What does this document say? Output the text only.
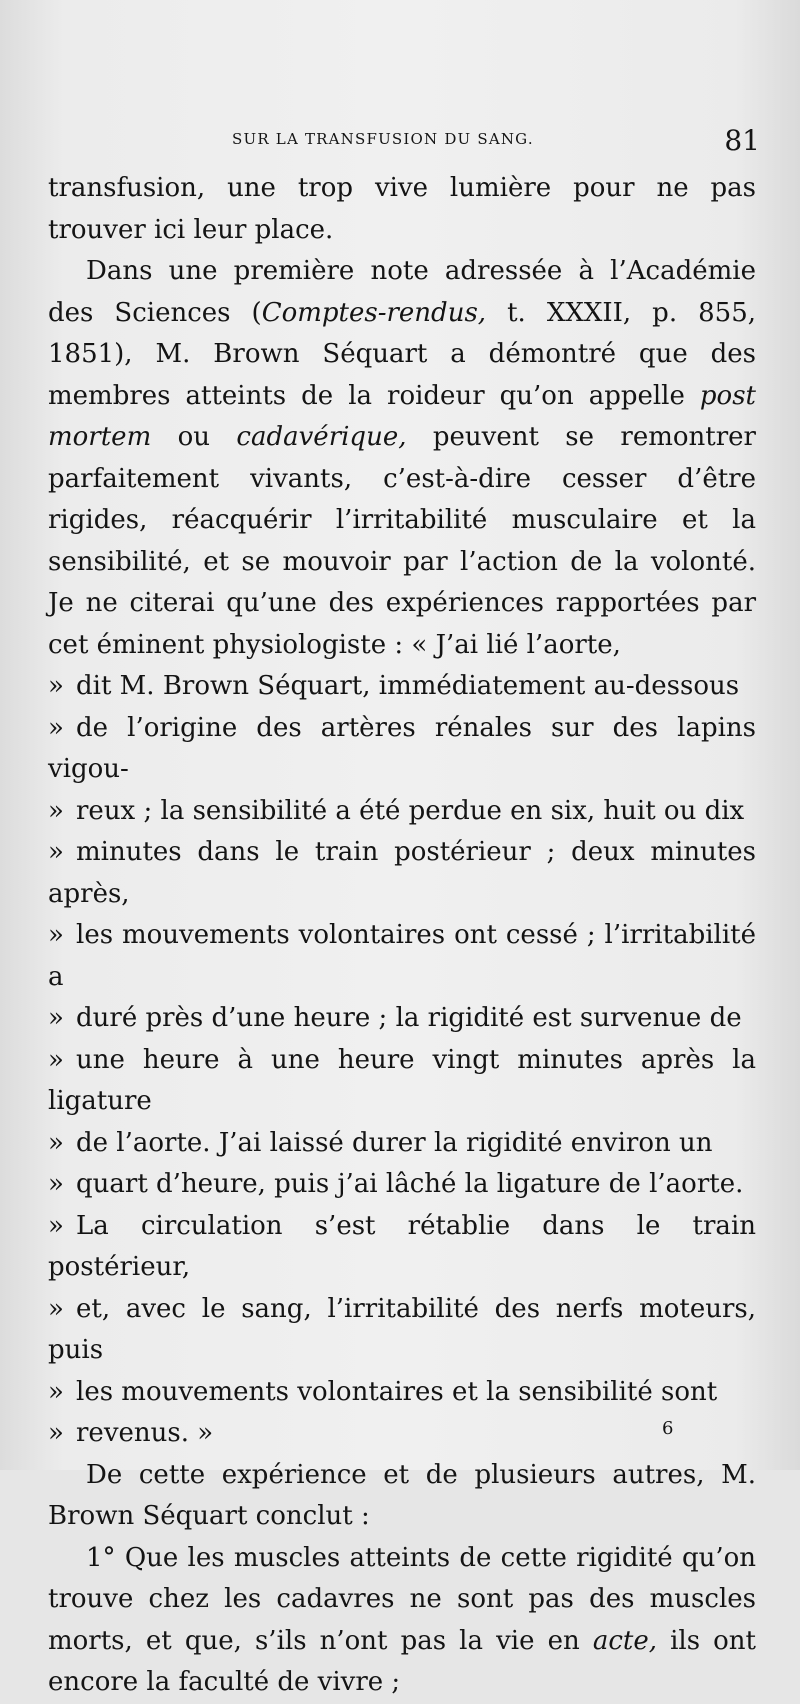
SUR LA TRANSFUSION DU SANG.	81

transfusion, une trop vive lumière pour ne pas trouver ici leur place.

Dans une première note adressée à l’Académie des Sciences (Comptes-rendus, t. XXXII, p. 855, 1851), M. Brown Séquart a démontré que des membres atteints de la roideur qu’on appelle post mortem ou cadavérique, peuvent se remontrer parfaitement vivants, c’est-à-dire cesser d’être rigides, réacquérir l’irritabilité musculaire et la sensibilité, et se mouvoir par l’action de la volonté. Je ne citerai qu’une des expériences rapportées par cet éminent physiologiste : « J’ai lié l’aorte,

» dit M. Brown Séquart, immédiatement au-dessous
» de l’origine des artères rénales sur des lapins vigou-
» reux ; la sensibilité a été perdue en six, huit ou dix
» minutes dans le train postérieur ; deux minutes après,
» les mouvements volontaires ont cessé ; l’irritabilité a
» duré près d’une heure ; la rigidité est survenue de
» une heure à une heure vingt minutes après la ligature
» de l’aorte. J’ai laissé durer la rigidité environ un
» quart d’heure, puis j’ai lâché la ligature de l’aorte.
» La circulation s’est rétablie dans le train postérieur,
» et, avec le sang, l’irritabilité des nerfs moteurs, puis
» les mouvements volontaires et la sensibilité sont
» revenus. »

De cette expérience et de plusieurs autres, M. Brown Séquart conclut :

1° Que les muscles atteints de cette rigidité qu’on trouve chez les cadavres ne sont pas des muscles morts, et que, s’ils n’ont pas la vie en acte, ils ont encore la faculté de vivre ;

6
